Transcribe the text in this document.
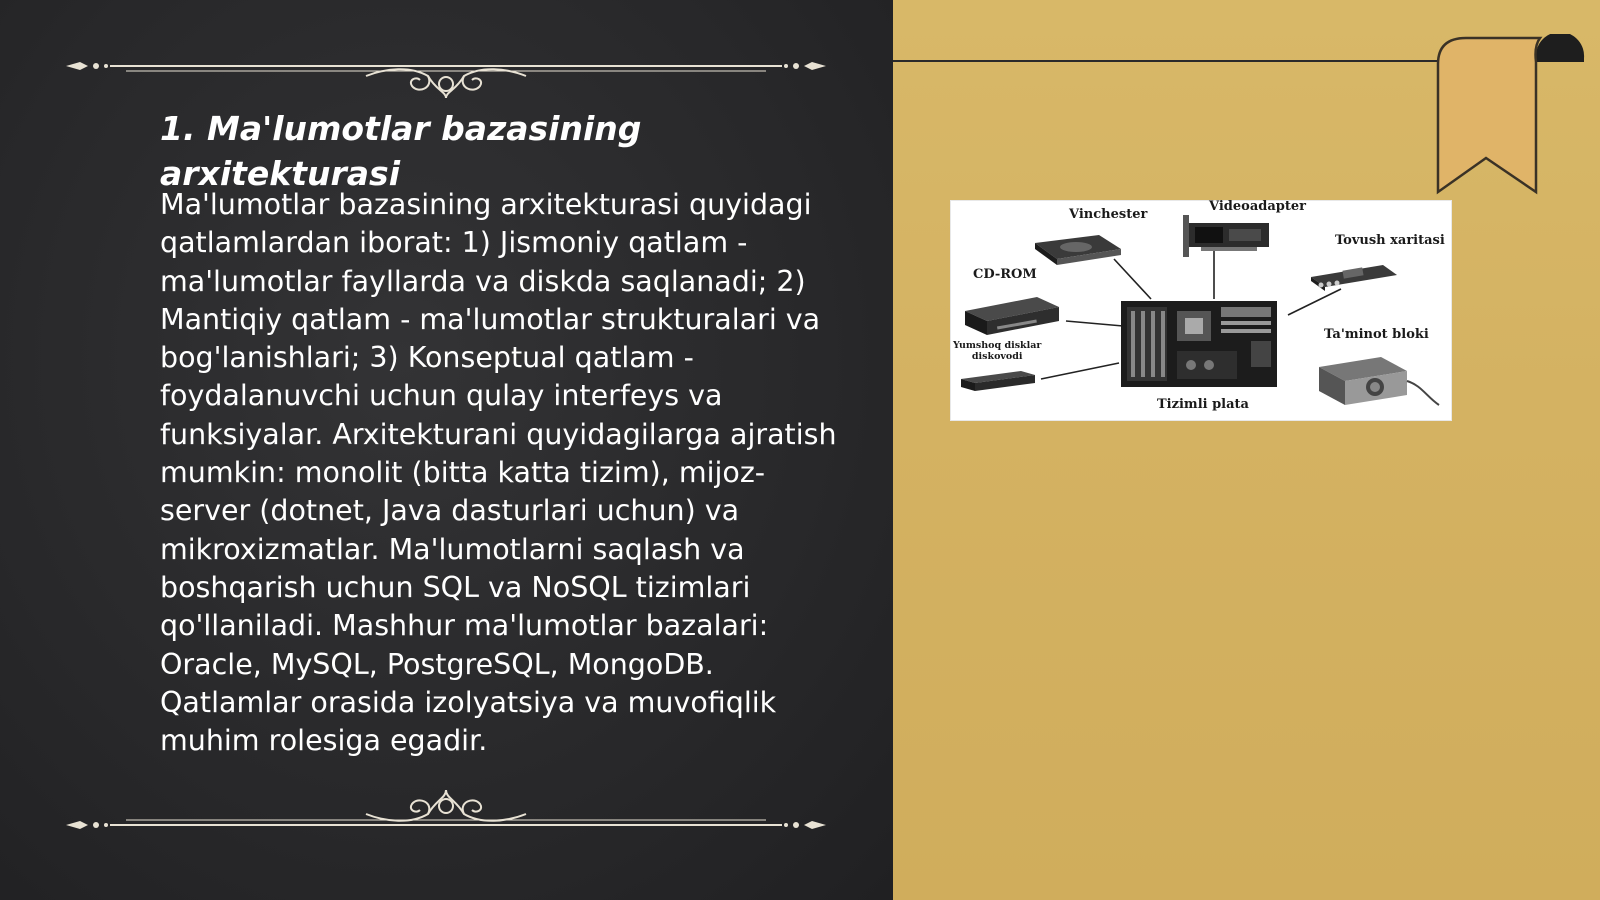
1. Ma'lumotlar bazasining arxitekturasi

Ma'lumotlar bazasining arxitekturasi quyidagi qatlamlardan iborat: 1) Jismoniy qatlam - ma'lumotlar fayllarda va diskda saqlanadi; 2) Mantiqiy qatlam - ma'lumotlar strukturalari va bog'lanishlari; 3) Konseptual qatlam - foydalanuvchi uchun qulay interfeys va funksiyalar. Arxitekturani quyidagilarga ajratish mumkin: monolit (bitta katta tizim), mijoz-server (dotnet, Java dasturlari uchun) va mikroxizmatlar. Ma'lumotlarni saqlash va boshqarish uchun SQL va NoSQL tizimlari qo'llaniladi. Mashhur ma'lumotlar bazalari: Oracle, MySQL, PostgreSQL, MongoDB. Qatlamlar orasida izolyatsiya va muvofiqlik muhim rolesiga egadir.

Vinchester
Videoadapter
Tovush xaritasi
CD-ROM
Yumshoq disklar
diskovodi
Ta'minot bloki
Tizimli plata
